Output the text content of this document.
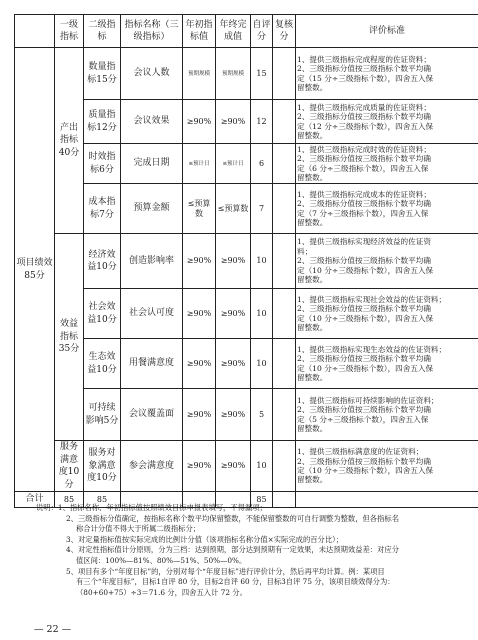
	一级指标	二级指标	指标名称（三级指标）	年初指标值	年终完成值	自评分	复核分	评价标准
项目绩效85分	产出指标40分	数量指标15分	会议人数	预期规模	预期规模	15		1、提供三级指标完成程度的佐证资料；
2、三级指标分值按三级指标个数平均确
定（15 分÷三级指标个数），四舍五入保
留整数。

		质量指标12分	会议效果	≥90%	≥90%	12		1、提供三级指标完成质量的佐证资料；
2、三级指标分值按三级指标个数平均确
定（12 分÷三级指标个数），四舍五入保
留整数。

		时效指标6分	完成日期	≤预计日	≤预计日	6		1、提供三级指标完成时效的佐证资料；
2、三级指标分值按三级指标个数平均确
定（6 分÷三级指标个数），四舍五入保
留整数。

		成本指标7分	预算金额	≤预算数	≤预算数	7		1、提供三级指标完成成本的佐证资料；
2、三级指标分值按三级指标个数平均确
定（7 分÷三级指标个数），四舍五入保
留整数。

	效益指标35分	经济效益10分	创造影响率	≥90%	≥90%	10		1、提供三级指标实现经济效益的佐证资
料；
2、三级指标分值按三级指标个数平均确
定（10 分÷三级指标个数），四舍五入保
留整数。

		社会效益10分	社会认可度	≥90%	≥90%	10		1、提供三级指标实现社会效益的佐证资料；
2、三级指标分值按三级指标个数平均确
定（10 分÷三级指标个数），四舍五入保
留整数。

		生态效益10分	用餐满意度	≥90%	≥90%	10		1、提供三级指标实现生态效益的佐证资料；
2、三级指标分值按三级指标个数平均确
定（10 分÷三级指标个数），四舍五入保
留整数。

		可持续影响5分	会议覆盖面	≥90%	≥90%	5		1、提供三级指标可持续影响的佐证资料；
2、三级指标分值按三级指标个数平均确
定（5 分÷三级指标个数），四舍五入保
留整数。

	服务满意度10分	服务对象满意度10分	参会满意度	≥90%	≥90%	10		1、提供三级指标满意度的佐证资料；
2、三级指标分值按三级指标个数平均确
定（10 分÷三级指标个数），四舍五入保
留整数。

合计	85	85				85		
说明：1、指标名称、年初指标值按照绩效目标申报表填写，不得漏项；
2、三级指标分值确定，按指标名称个数平均保留整数，不能保留整数的可自行调整为整数，但各指标名
称合计分值不得大于所属二级指标分；
3、对定量指标值按实际完成的比例计分值（该项指标名称分值×实际完成的百分比）；
4、对定性指标值计分原则，分为三档：达到预期，部分达到预期有一定效果，未达预期效益差：对应分
值区间：100%—81%、80%—51%、50%—0%。
5、项目有多个“年度目标”的，分别对每个“年度目标”进行评价计分，然后再平均计算。例：某项目
有三个“年度目标”，目标1自评 80 分，目标2自评 60 分，目标3自评 75 分，该项目绩效得分为：
（80+60+75）÷3＝71.6 分，四舍五入计 72 分。
— 22 —
